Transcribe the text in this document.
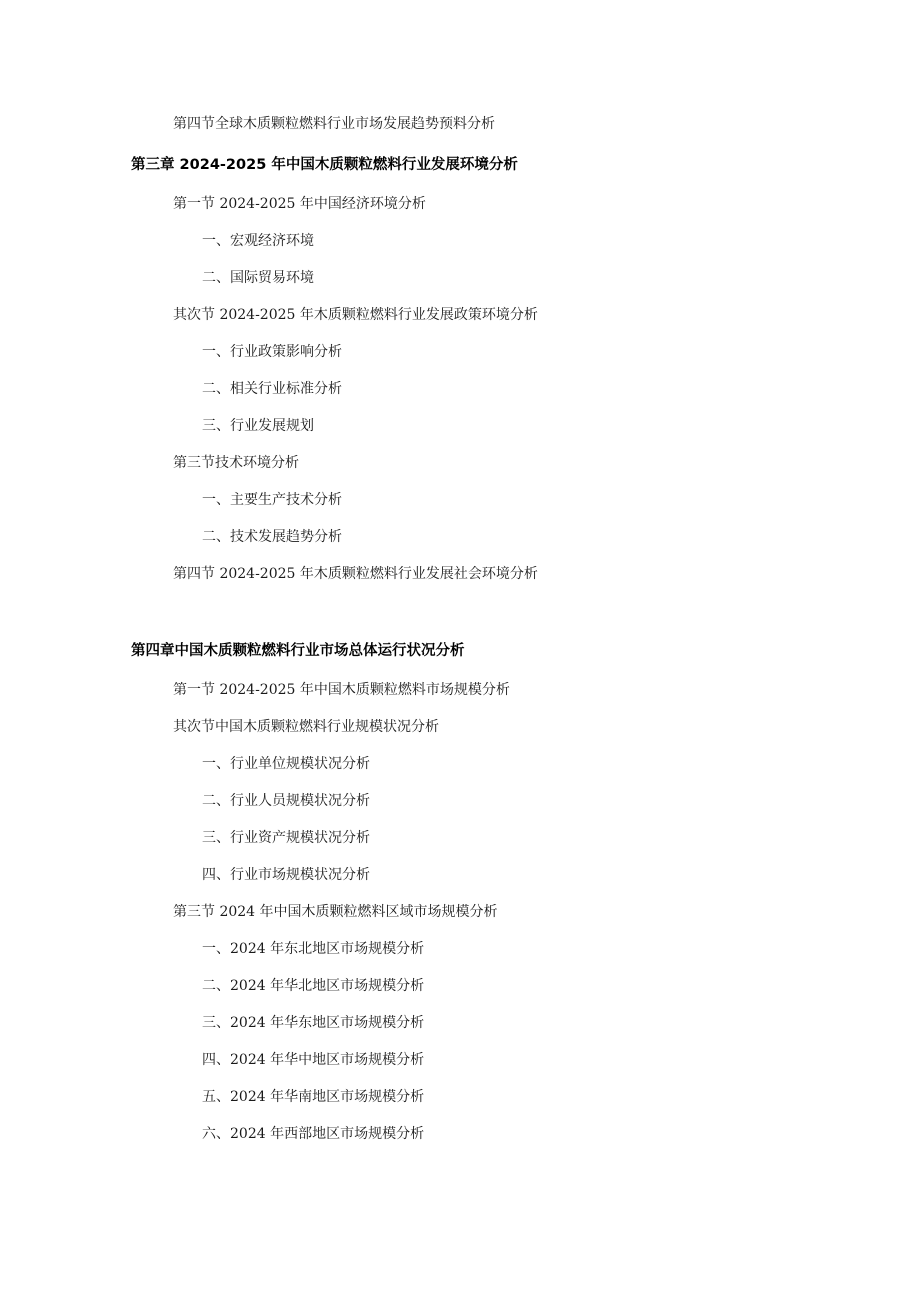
第四节全球木质颗粒燃料行业市场发展趋势预料分析
第三章 2024-2025 年中国木质颗粒燃料行业发展环境分析
第一节 2024-2025 年中国经济环境分析
一、宏观经济环境
二、国际贸易环境
其次节 2024-2025 年木质颗粒燃料行业发展政策环境分析
一、行业政策影响分析
二、相关行业标准分析
三、行业发展规划
第三节技术环境分析
一、主要生产技术分析
二、技术发展趋势分析
第四节 2024-2025 年木质颗粒燃料行业发展社会环境分析
第四章中国木质颗粒燃料行业市场总体运行状况分析
第一节 2024-2025 年中国木质颗粒燃料市场规模分析
其次节中国木质颗粒燃料行业规模状况分析
一、行业单位规模状况分析
二、行业人员规模状况分析
三、行业资产规模状况分析
四、行业市场规模状况分析
第三节 2024 年中国木质颗粒燃料区域市场规模分析
一、2024 年东北地区市场规模分析
二、2024 年华北地区市场规模分析
三、2024 年华东地区市场规模分析
四、2024 年华中地区市场规模分析
五、2024 年华南地区市场规模分析
六、2024 年西部地区市场规模分析
